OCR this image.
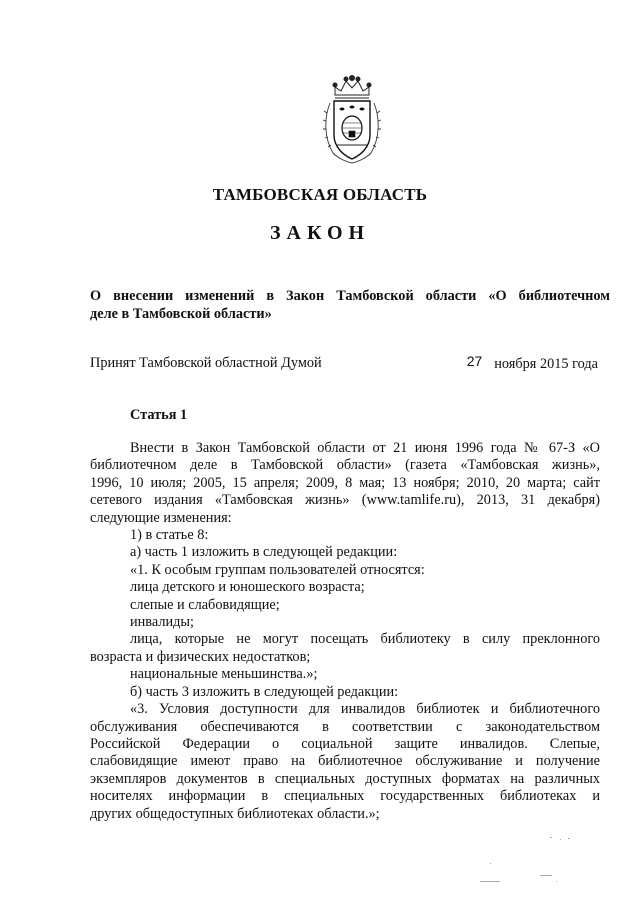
ТАМБОВСКАЯ ОБЛАСТЬ
ЗАКОН
О внесении изменений в Закон Тамбовской области «О библиотечном
деле в Тамбовской области»
Принят Тамбовской областной Думой	27 ноября 2015 года
Статья 1
Внести в Закон Тамбовской области от 21 июня 1996 года № 67-З «О
библиотечном деле в Тамбовской области» (газета «Тамбовская жизнь»,
1996, 10 июля; 2005, 15 апреля; 2009, 8 мая; 13 ноября; 2010, 20 марта; сайт
сетевого издания «Тамбовская жизнь» (www.tamlife.ru), 2013, 31 декабря)
следующие изменения:
1) в статье 8:
а) часть 1 изложить в следующей редакции:
«1. К особым группам пользователей относятся:
лица детского и юношеского возраста;
слепые и слабовидящие;
инвалиды;
лица, которые не могут посещать библиотеку в силу преклонного
возраста и физических недостатков;
национальные меньшинства.»;
б) часть 3 изложить в следующей редакции:
«3. Условия доступности для инвалидов библиотек и библиотечного
обслуживания обеспечиваются в соответствии с законодательством
Российской Федерации о социальной защите инвалидов. Слепые,
слабовидящие имеют право на библиотечное обслуживание и получение
экземпляров документов в специальных доступных форматах на различных
носителях информации в специальных государственных библиотеках и
других общедоступных библиотеках области.»;
